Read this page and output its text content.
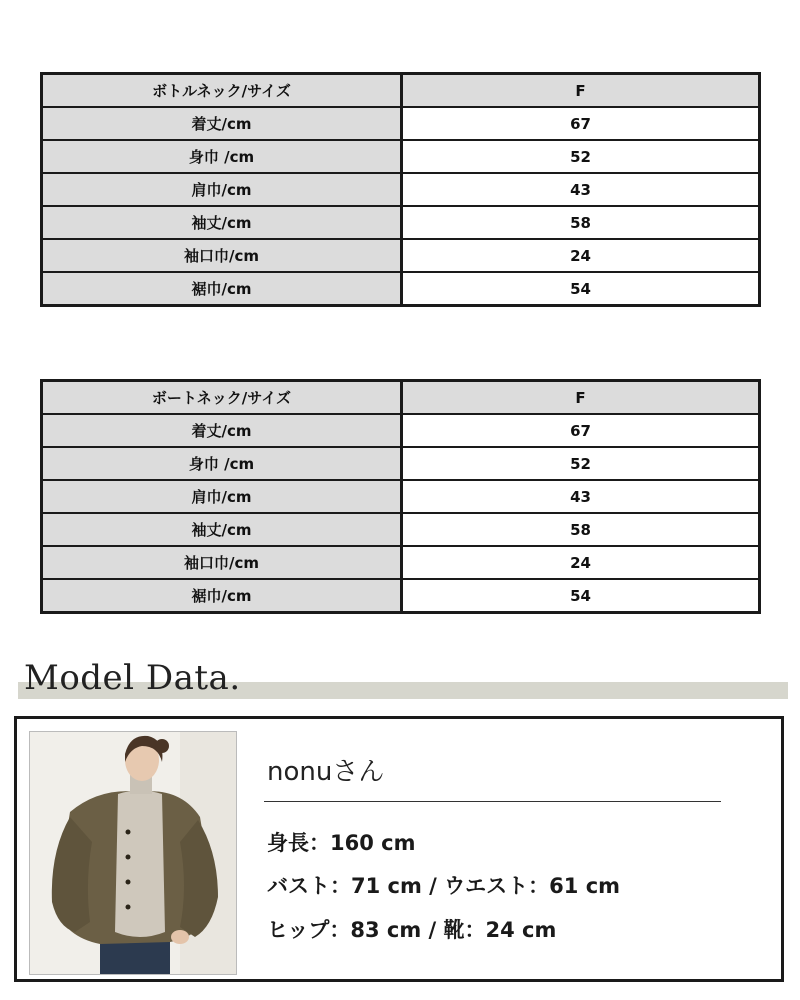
ボトルネック/サイズ	F
着丈/cm	67
身巾 /cm	52
肩巾/cm	43
袖丈/cm	58
袖口巾/cm	24
裾巾/cm	54
ボートネック/サイズ	F
着丈/cm	67
身巾 /cm	52
肩巾/cm	43
袖丈/cm	58
袖口巾/cm	24
裾巾/cm	54
Model Data.
nonuさん
身長：160 cm
バスト：71 cm / ウエスト：61 cm
ヒップ：83 cm / 靴：24 cm
